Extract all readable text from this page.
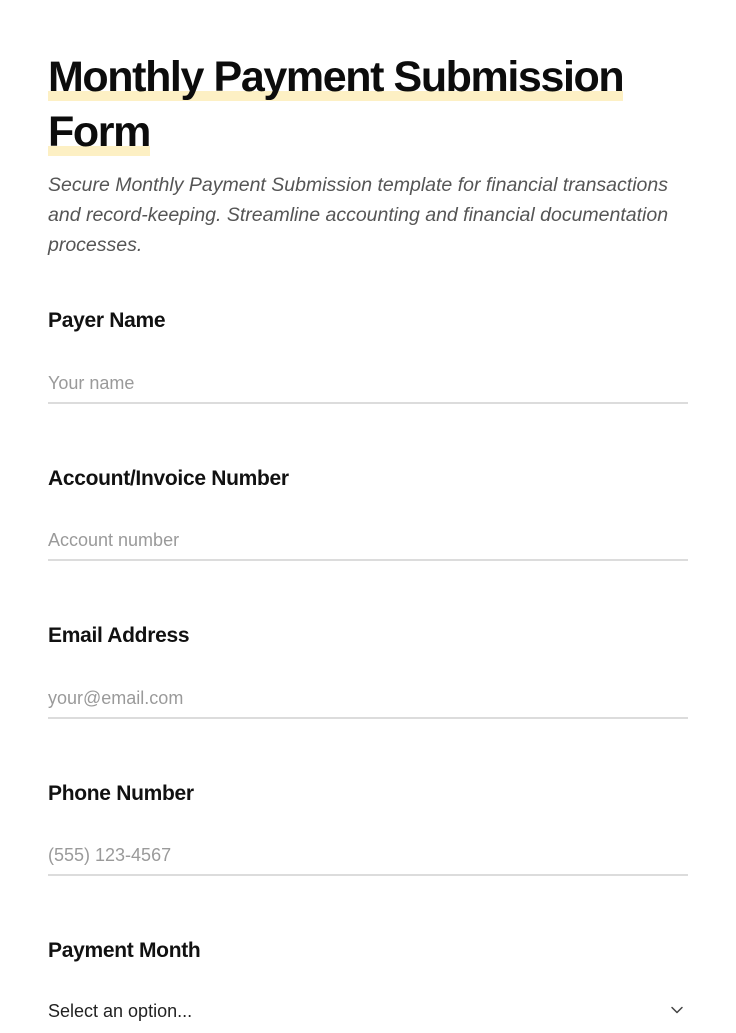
Monthly Payment Submission Form

Secure Monthly Payment Submission template for financial transactions and record-keeping. Streamline accounting and financial documentation processes.

Payer Name
Your name
Account/Invoice Number
Account number
Email Address
your@email.com
Phone Number
(555) 123-4567
Payment Month
Select an option...
